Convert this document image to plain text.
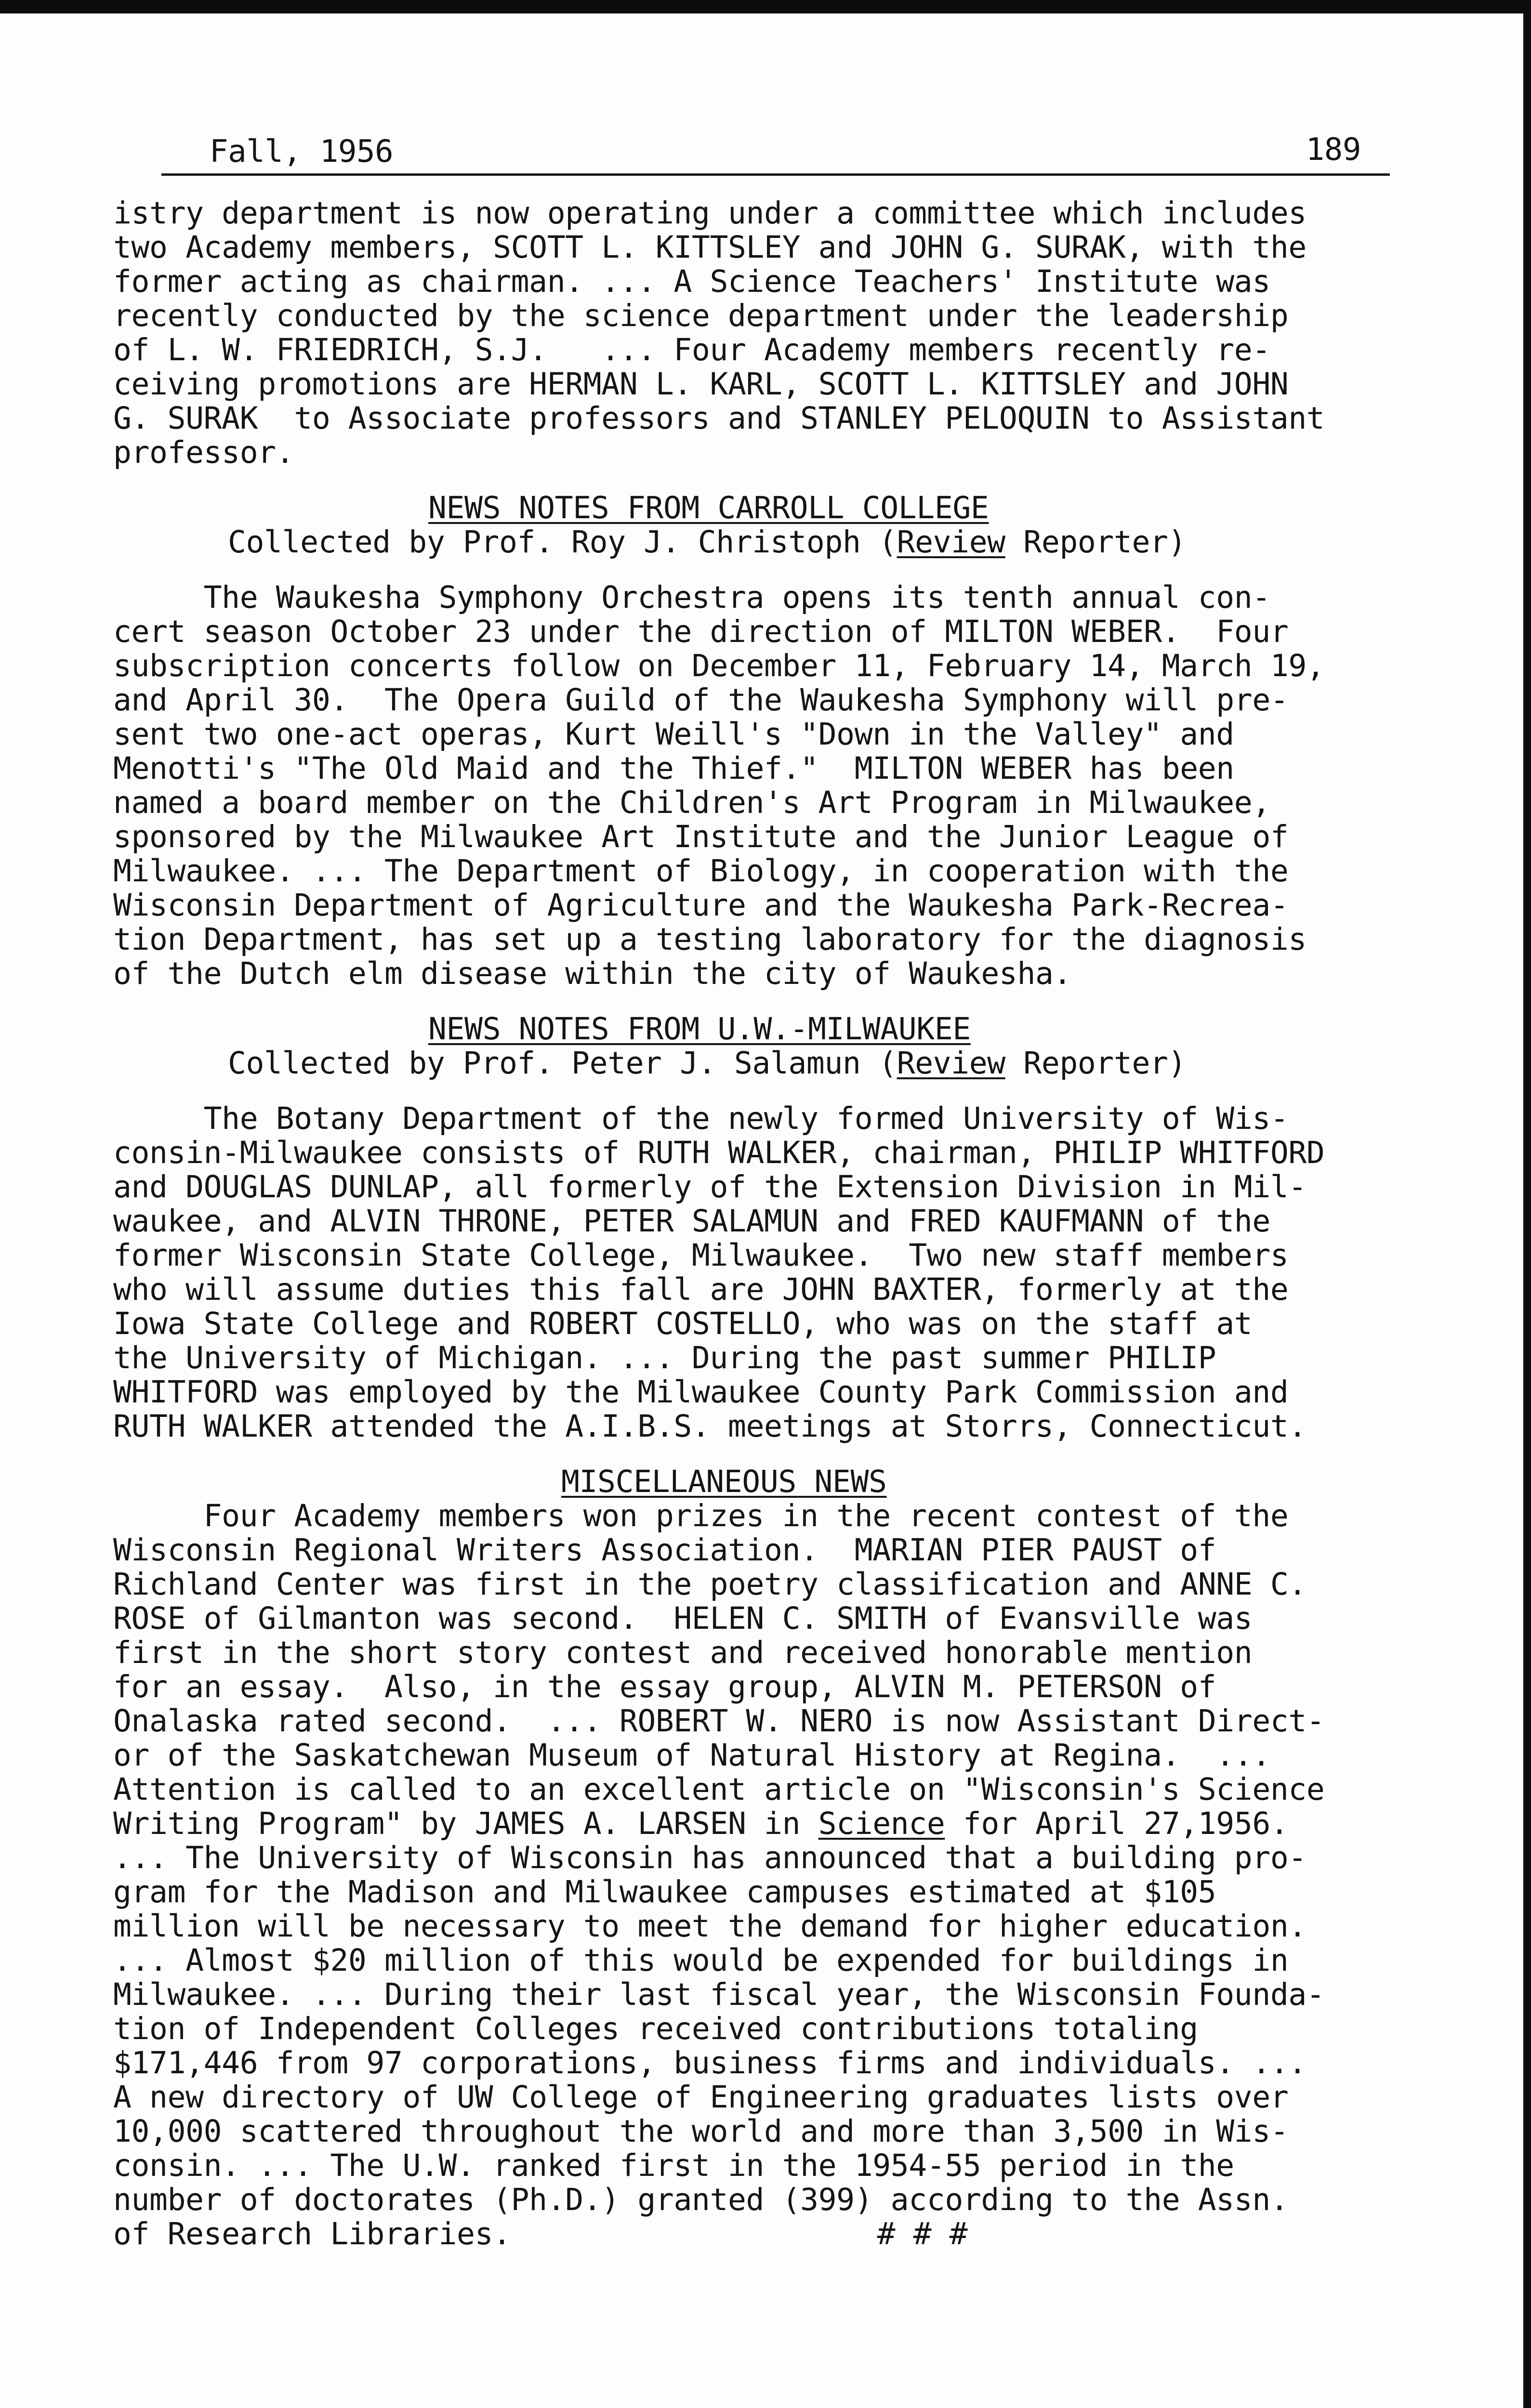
Fall, 1956	189
istry department is now operating under a committee which includes
two Academy members, SCOTT L. KITTSLEY and JOHN G. SURAK, with the
former acting as chairman. ... A Science Teachers' Institute was
recently conducted by the science department under the leadership
of L. W. FRIEDRICH, S.J.   ... Four Academy members recently re-
ceiving promotions are HERMAN L. KARL, SCOTT L. KITTSLEY and JOHN
G. SURAK  to Associate professors and STANLEY PELOQUIN to Assistant
professor.
NEWS NOTES FROM CARROLL COLLEGE
Collected by Prof. Roy J. Christoph (Review Reporter)
The Waukesha Symphony Orchestra opens its tenth annual con-
cert season October 23 under the direction of MILTON WEBER.  Four
subscription concerts follow on December 11, February 14, March 19,
and April 30.  The Opera Guild of the Waukesha Symphony will pre-
sent two one-act operas, Kurt Weill's "Down in the Valley" and
Menotti's "The Old Maid and the Thief."  MILTON WEBER has been
named a board member on the Children's Art Program in Milwaukee,
sponsored by the Milwaukee Art Institute and the Junior League of
Milwaukee. ... The Department of Biology, in cooperation with the
Wisconsin Department of Agriculture and the Waukesha Park-Recrea-
tion Department, has set up a testing laboratory for the diagnosis
of the Dutch elm disease within the city of Waukesha.
NEWS NOTES FROM U.W.-MILWAUKEE
Collected by Prof. Peter J. Salamun (Review Reporter)
The Botany Department of the newly formed University of Wis-
consin-Milwaukee consists of RUTH WALKER, chairman, PHILIP WHITFORD
and DOUGLAS DUNLAP, all formerly of the Extension Division in Mil-
waukee, and ALVIN THRONE, PETER SALAMUN and FRED KAUFMANN of the
former Wisconsin State College, Milwaukee.  Two new staff members
who will assume duties this fall are JOHN BAXTER, formerly at the
Iowa State College and ROBERT COSTELLO, who was on the staff at
the University of Michigan. ... During the past summer PHILIP
WHITFORD was employed by the Milwaukee County Park Commission and
RUTH WALKER attended the A.I.B.S. meetings at Storrs, Connecticut.
MISCELLANEOUS NEWS
Four Academy members won prizes in the recent contest of the
Wisconsin Regional Writers Association.  MARIAN PIER PAUST of
Richland Center was first in the poetry classification and ANNE C.
ROSE of Gilmanton was second.  HELEN C. SMITH of Evansville was
first in the short story contest and received honorable mention
for an essay.  Also, in the essay group, ALVIN M. PETERSON of
Onalaska rated second.  ... ROBERT W. NERO is now Assistant Direct-
or of the Saskatchewan Museum of Natural History at Regina.  ...
Attention is called to an excellent article on "Wisconsin's Science
Writing Program" by JAMES A. LARSEN in Science for April 27,1956.
... The University of Wisconsin has announced that a building pro-
gram for the Madison and Milwaukee campuses estimated at $105
million will be necessary to meet the demand for higher education.
... Almost $20 million of this would be expended for buildings in
Milwaukee. ... During their last fiscal year, the Wisconsin Founda-
tion of Independent Colleges received contributions totaling
$171,446 from 97 corporations, business firms and individuals. ...
A new directory of UW College of Engineering graduates lists over
10,000 scattered throughout the world and more than 3,500 in Wis-
consin. ... The U.W. ranked first in the 1954-55 period in the
number of doctorates (Ph.D.) granted (399) according to the Assn.
of Research Libraries.	# # #
